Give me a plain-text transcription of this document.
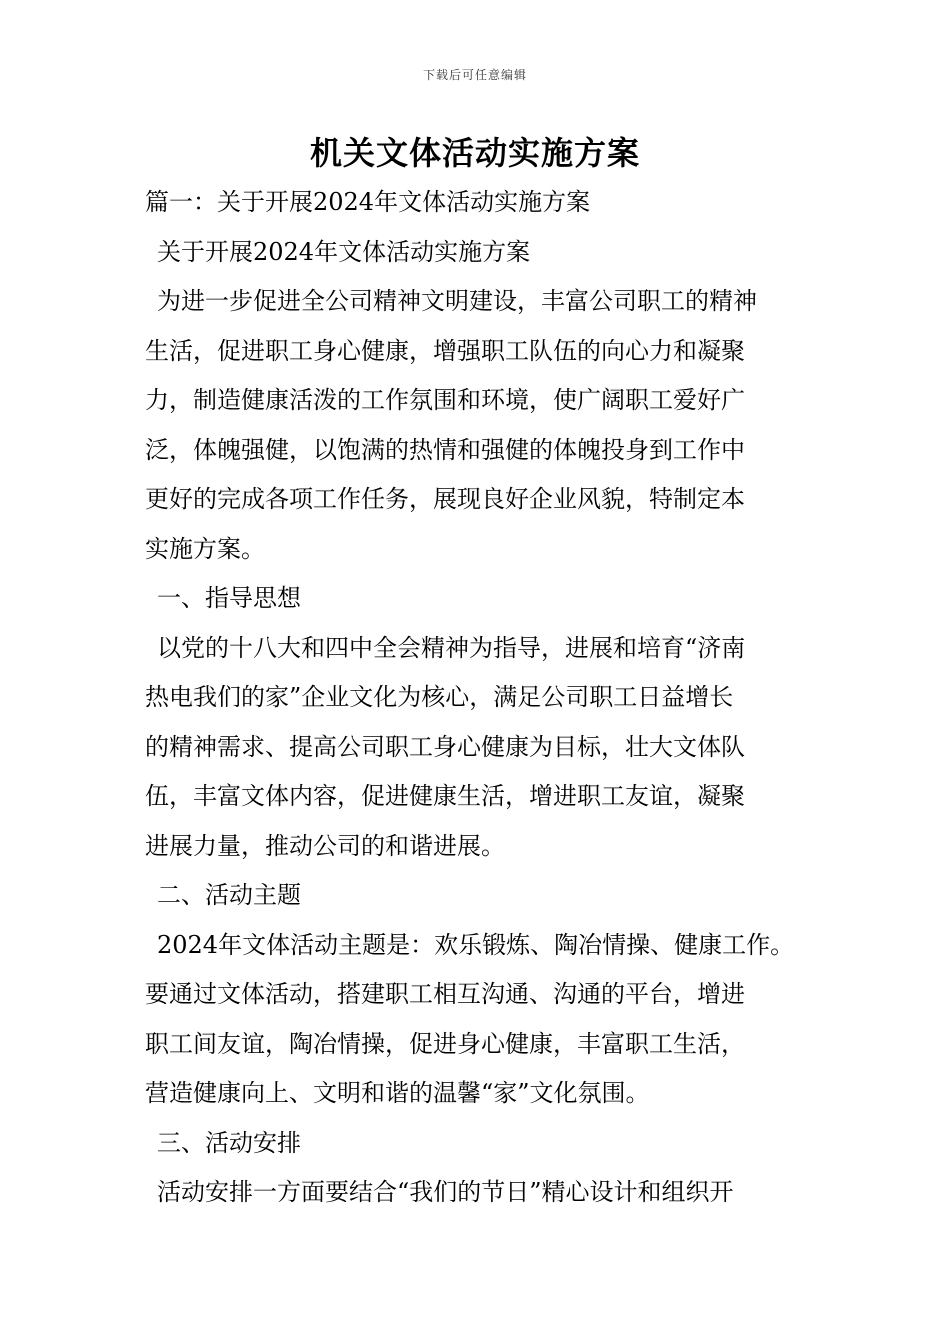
下载后可任意编辑
机关文体活动实施方案
篇一：关于开展2024年文体活动实施方案
关于开展2024年文体活动实施方案
为进一步促进全公司精神文明建设，丰富公司职工的精神
生活，促进职工身心健康，增强职工队伍的向心力和凝聚
力，制造健康活泼的工作氛围和环境，使广阔职工爱好广
泛，体魄强健，以饱满的热情和强健的体魄投身到工作中
更好的完成各项工作任务，展现良好企业风貌，特制定本
实施方案。
一、指导思想
以党的十八大和四中全会精神为指导，进展和培育“济南
热电我们的家”企业文化为核心，满足公司职工日益增长
的精神需求、提高公司职工身心健康为目标，壮大文体队
伍，丰富文体内容，促进健康生活，增进职工友谊，凝聚
进展力量，推动公司的和谐进展。
二、活动主题
2024年文体活动主题是：欢乐锻炼、陶冶情操、健康工作。
要通过文体活动，搭建职工相互沟通、沟通的平台，增进
职工间友谊，陶冶情操，促进身心健康，丰富职工生活，
营造健康向上、文明和谐的温馨“家”文化氛围。
三、活动安排
活动安排一方面要结合“我们的节日”精心设计和组织开
